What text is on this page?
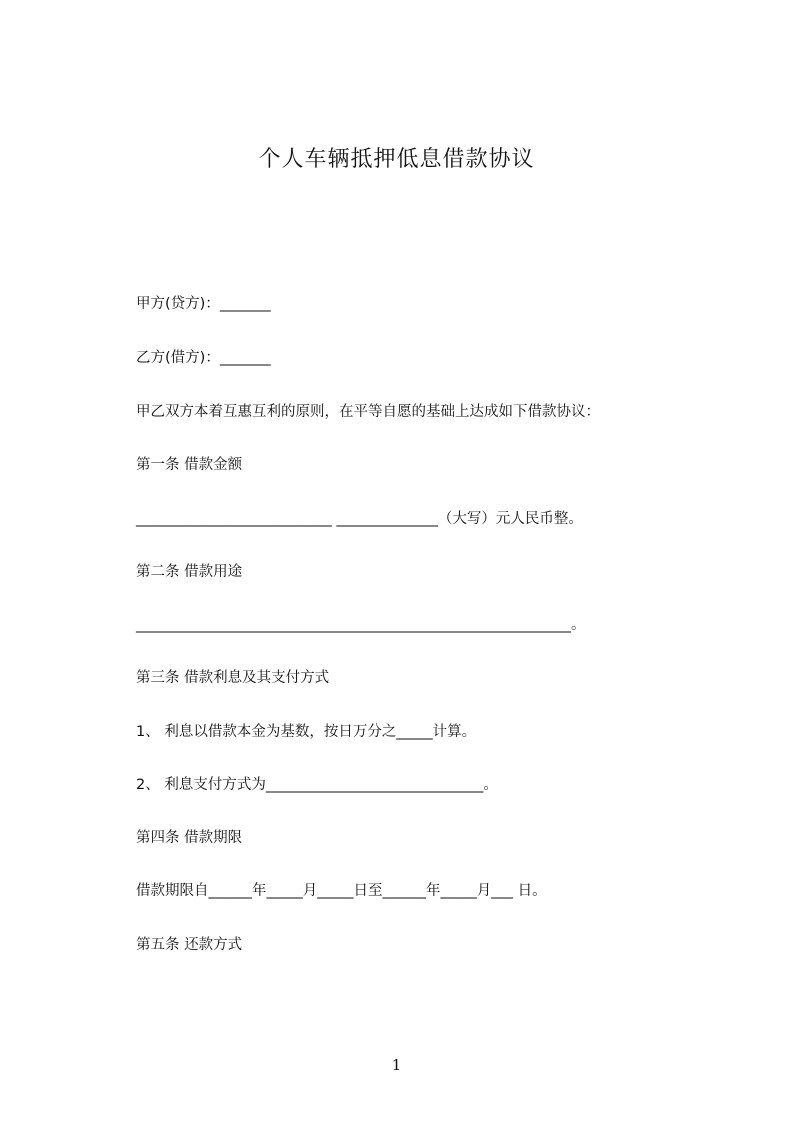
个人车辆抵押低息借款协议
甲方(贷方)：_______
乙方(借方)：_______
甲乙双方本着互惠互利的原则，在平等自愿的基础上达成如下借款协议：
第一条 借款金额
___________________________ ______________（大写）元人民币整。
第二条 借款用途
____________________________________________________________。
第三条 借款利息及其支付方式
1、 利息以借款本金为基数，按日万分之_____计算。
2、 利息支付方式为______________________________。
第四条 借款期限
借款期限自______年_____月_____日至______年_____月___ 日。
第五条 还款方式
1
